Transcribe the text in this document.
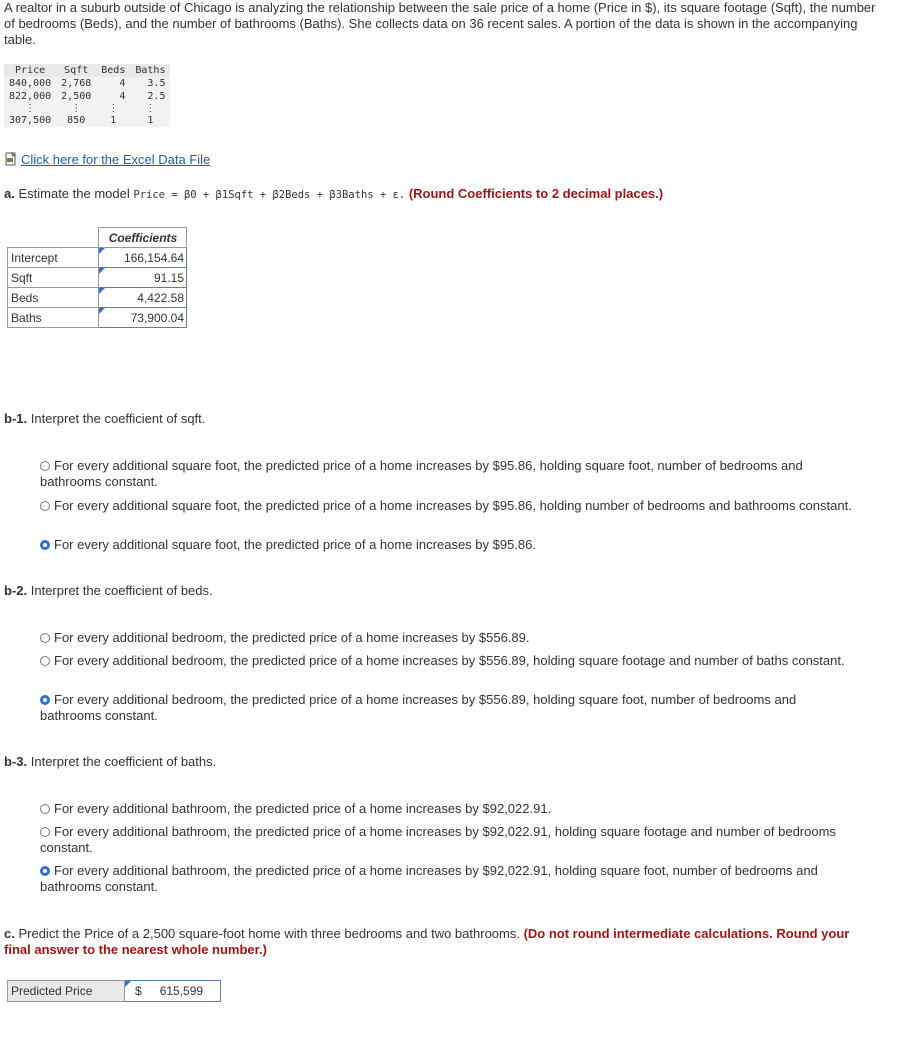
A realtor in a suburb outside of Chicago is analyzing the relationship between the sale price of a home (Price in $), its square footage (Sqft), the number of bedrooms (Beds), and the number of bathrooms (Baths). She collects data on 36 recent sales. A portion of the data is shown in the accompanying table.
Price	Sqft	Beds	Baths
840,000	2,768	4	3.5
822,000	2,500	4	2.5
⋮	⋮	⋮	⋮
307,500	850	1	1
Click here for the Excel Data File
a. Estimate the model Price = β0 + β1Sqft + β2Beds + β3Baths + ε. (Round Coefficients to 2 decimal places.)
	Coefficients
Intercept	166,154.64
Sqft	91.15
Beds	4,422.58
Baths	73,900.04
b-1. Interpret the coefficient of sqft.
For every additional square foot, the predicted price of a home increases by $95.86, holding square foot, number of bedrooms and bathrooms constant.
For every additional square foot, the predicted price of a home increases by $95.86, holding number of bedrooms and bathrooms constant.
For every additional square foot, the predicted price of a home increases by $95.86.
b-2. Interpret the coefficient of beds.
For every additional bedroom, the predicted price of a home increases by $556.89.
For every additional bedroom, the predicted price of a home increases by $556.89, holding square footage and number of baths constant.
For every additional bedroom, the predicted price of a home increases by $556.89, holding square foot, number of bedrooms and bathrooms constant.
b-3. Interpret the coefficient of baths.
For every additional bathroom, the predicted price of a home increases by $92,022.91.
For every additional bathroom, the predicted price of a home increases by $92,022.91, holding square footage and number of bedrooms constant.
For every additional bathroom, the predicted price of a home increases by $92,022.91, holding square foot, number of bedrooms and bathrooms constant.
c. Predict the Price of a 2,500 square-foot home with three bedrooms and two bathrooms. (Do not round intermediate calculations. Round your final answer to the nearest whole number.)
Predicted Price	$ 615,599
